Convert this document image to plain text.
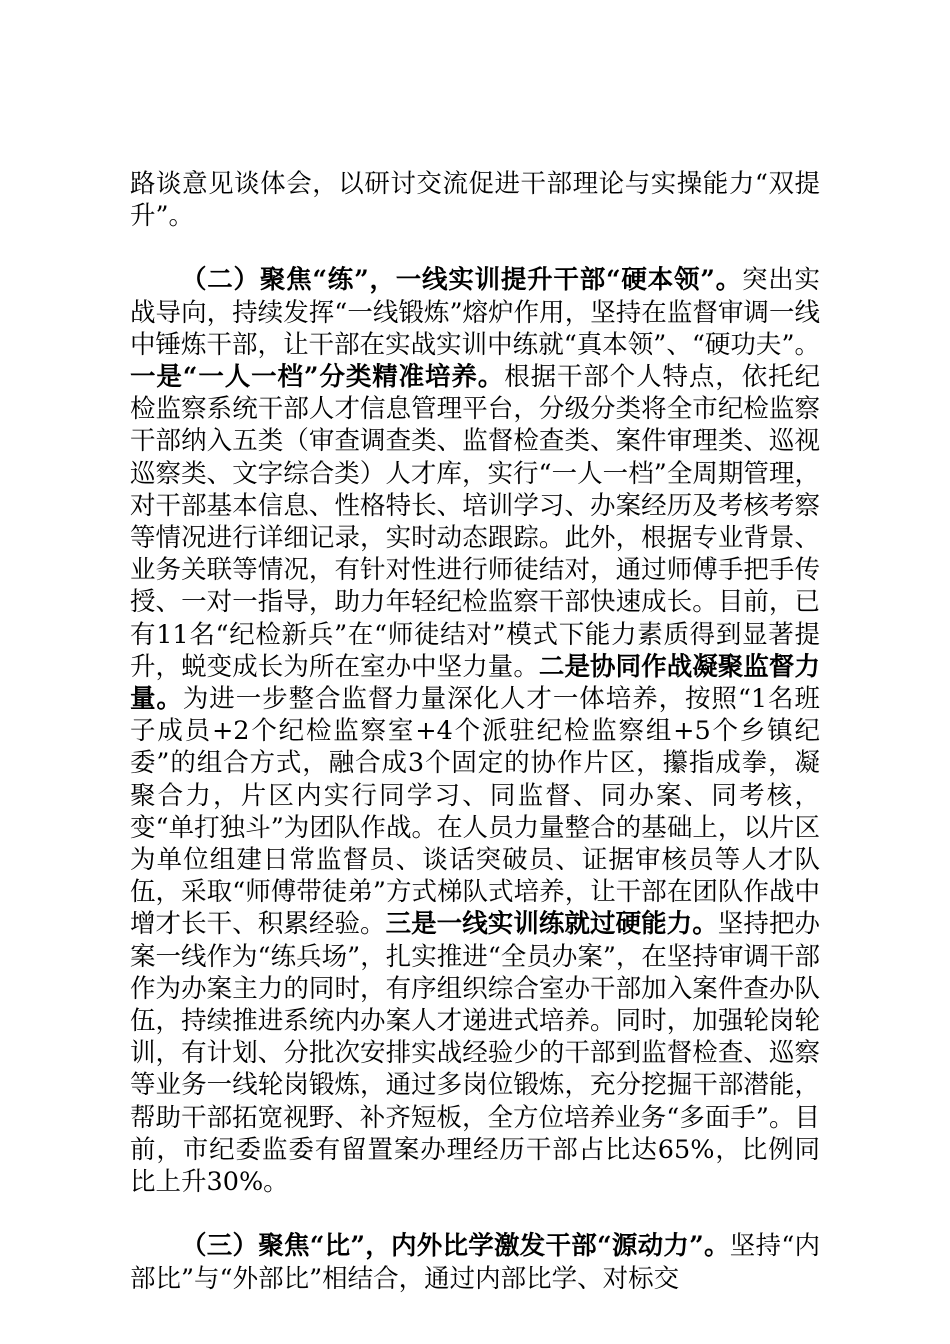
路谈意见谈体会，以研讨交流促进干部理论与实操能力“双提升”。

（二）聚焦“练”，一线实训提升干部“硬本领”。突出实战导向，持续发挥“一线锻炼”熔炉作用，坚持在监督审调一线中锤炼干部，让干部在实战实训中练就“真本领”、“硬功夫”。一是“一人一档”分类精准培养。根据干部个人特点，依托纪检监察系统干部人才信息管理平台，分级分类将全市纪检监察干部纳入五类（审查调查类、监督检查类、案件审理类、巡视巡察类、文字综合类）人才库，实行“一人一档”全周期管理，对干部基本信息、性格特长、培训学习、办案经历及考核考察等情况进行详细记录，实时动态跟踪。此外，根据专业背景、业务关联等情况，有针对性进行师徒结对，通过师傅手把手传授、一对一指导，助力年轻纪检监察干部快速成长。目前，已有11名“纪检新兵”在“师徒结对”模式下能力素质得到显著提升，蜕变成长为所在室办中坚力量。二是协同作战凝聚监督力量。为进一步整合监督力量深化人才一体培养，按照“1名班子成员+2个纪检监察室+4个派驻纪检监察组+5个乡镇纪委”的组合方式，融合成3个固定的协作片区，攥指成拳，凝聚合力，片区内实行同学习、同监督、同办案、同考核，变“单打独斗”为团队作战。在人员力量整合的基础上，以片区为单位组建日常监督员、谈话突破员、证据审核员等人才队伍，采取“师傅带徒弟”方式梯队式培养，让干部在团队作战中增才长干、积累经验。三是一线实训练就过硬能力。坚持把办案一线作为“练兵场”，扎实推进“全员办案”，在坚持审调干部作为办案主力的同时，有序组织综合室办干部加入案件查办队伍，持续推进系统内办案人才递进式培养。同时，加强轮岗轮训，有计划、分批次安排实战经验少的干部到监督检查、巡察等业务一线轮岗锻炼，通过多岗位锻炼，充分挖掘干部潜能，帮助干部拓宽视野、补齐短板，全方位培养业务“多面手”。目前，市纪委监委有留置案办理经历干部占比达65%，比例同比上升30%。

（三）聚焦“比”，内外比学激发干部“源动力”。坚持“内部比”与“外部比”相结合，通过内部比学、对标交
